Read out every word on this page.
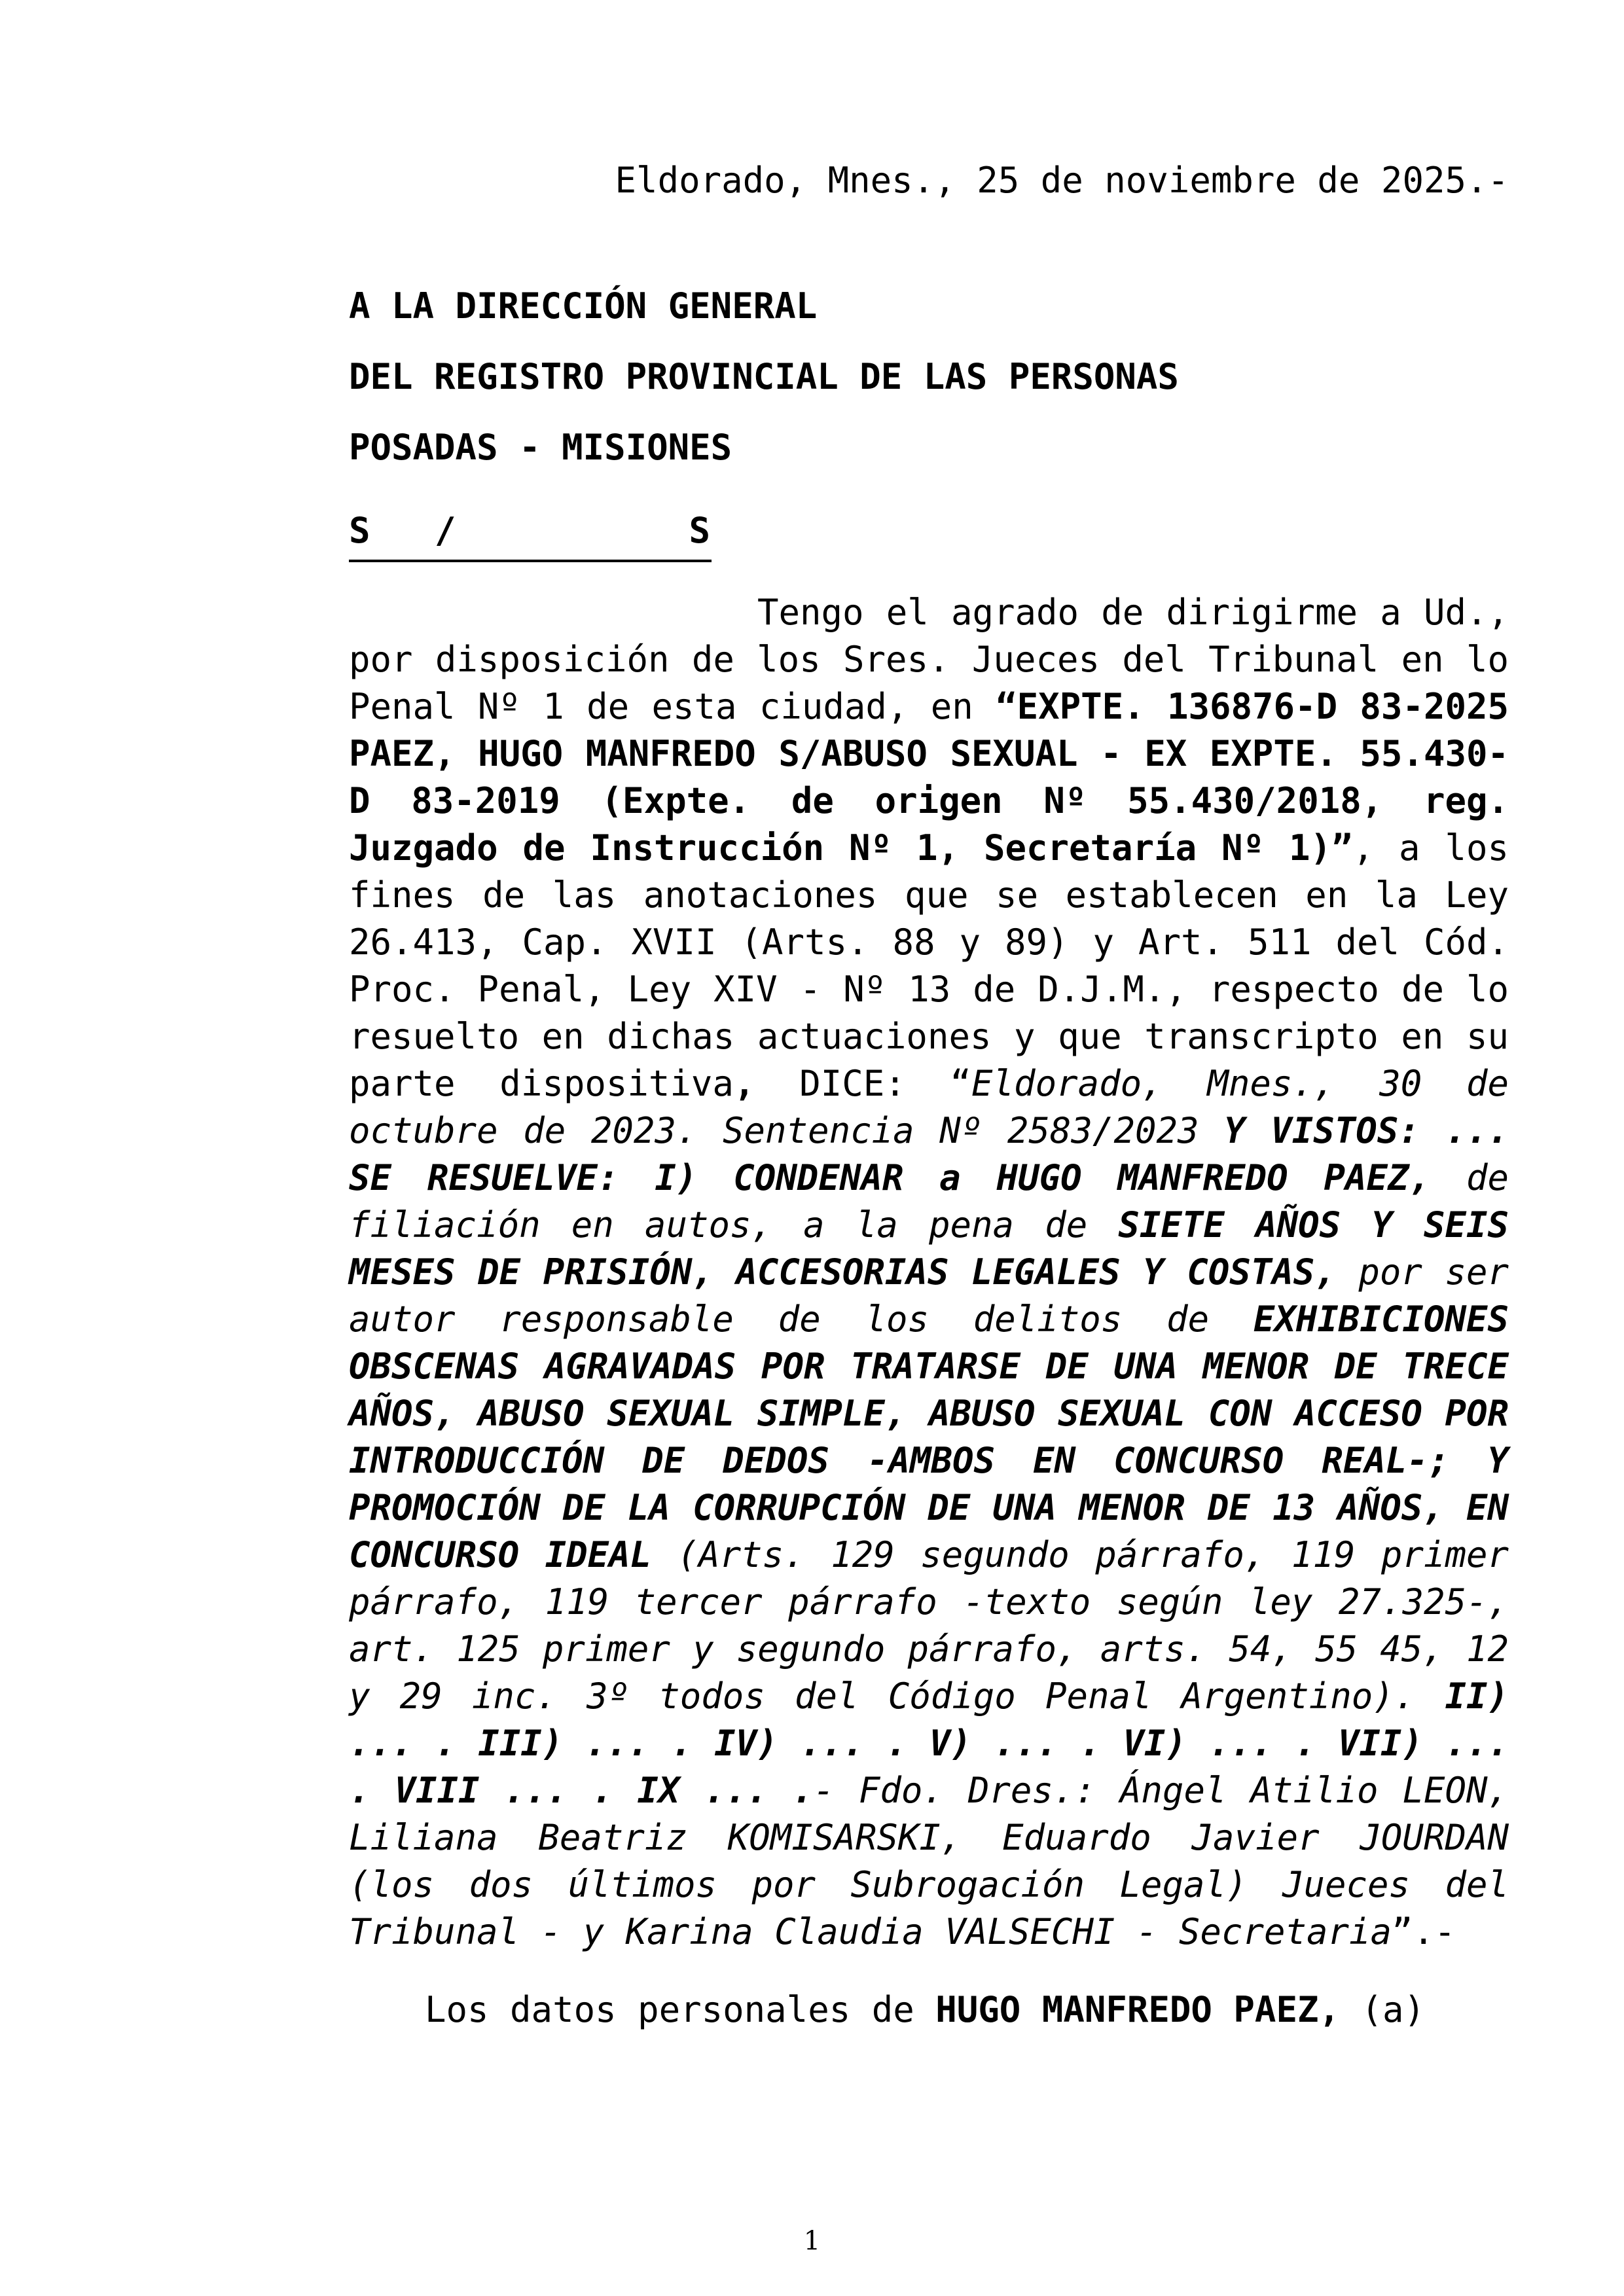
Eldorado, Mnes., 25 de noviembre de 2025.-
A LA DIRECCIÓN GENERAL
DEL REGISTRO PROVINCIAL DE LAS PERSONAS
POSADAS - MISIONES
S /	S

Tengo el agrado de dirigirme a Ud., por disposición de los Sres. Jueces del Tribunal en lo Penal Nº 1 de esta ciudad, en “EXPTE. 136876-D 83-2025 PAEZ, HUGO MANFREDO S/ABUSO SEXUAL - EX EXPTE. 55.430-D 83-2019 (Expte. de origen Nº 55.430/2018, reg. Juzgado de Instrucción Nº 1, Secretaría Nº 1)”, a los fines de las anotaciones que se establecen en la Ley 26.413, Cap. XVII (Arts. 88 y 89) y Art. 511 del Cód. Proc. Penal, Ley XIV - Nº 13 de D.J.M., respecto de lo resuelto en dichas actuaciones y que transcripto en su parte dispositiva, DICE: “Eldorado, Mnes., 30 de octubre de 2023. Sentencia Nº 2583/2023 Y VISTOS: ... SE RESUELVE: I) CONDENAR a HUGO MANFREDO PAEZ, de filiación en autos, a la pena de SIETE AÑOS Y SEIS MESES DE PRISIÓN, ACCESORIAS LEGALES Y COSTAS, por ser autor responsable de los delitos de EXHIBICIONES OBSCENAS AGRAVADAS POR TRATARSE DE UNA MENOR DE TRECE AÑOS, ABUSO SEXUAL SIMPLE, ABUSO SEXUAL CON ACCESO POR INTRODUCCIÓN DE DEDOS -AMBOS EN CONCURSO REAL-; Y PROMOCIÓN DE LA CORRUPCIÓN DE UNA MENOR DE 13 AÑOS, EN CONCURSO IDEAL (Arts. 129 segundo párrafo, 119 primer párrafo, 119 tercer párrafo -texto según ley 27.325-, art. 125 primer y segundo párrafo, arts. 54, 55 45, 12 y 29 inc. 3º todos del Código Penal Argentino). II) ... . III) ... . IV) ... . V) ... . VI) ... . VII) ... . VIII ... . IX ... .- Fdo. Dres.: Ángel Atilio LEON, Liliana Beatriz KOMISARSKI, Eduardo Javier JOURDAN (los dos últimos por Subrogación Legal) Jueces del Tribunal - y Karina Claudia VALSECHI - Secretaria”.-

Los datos personales de HUGO MANFREDO PAEZ, (a)
1
